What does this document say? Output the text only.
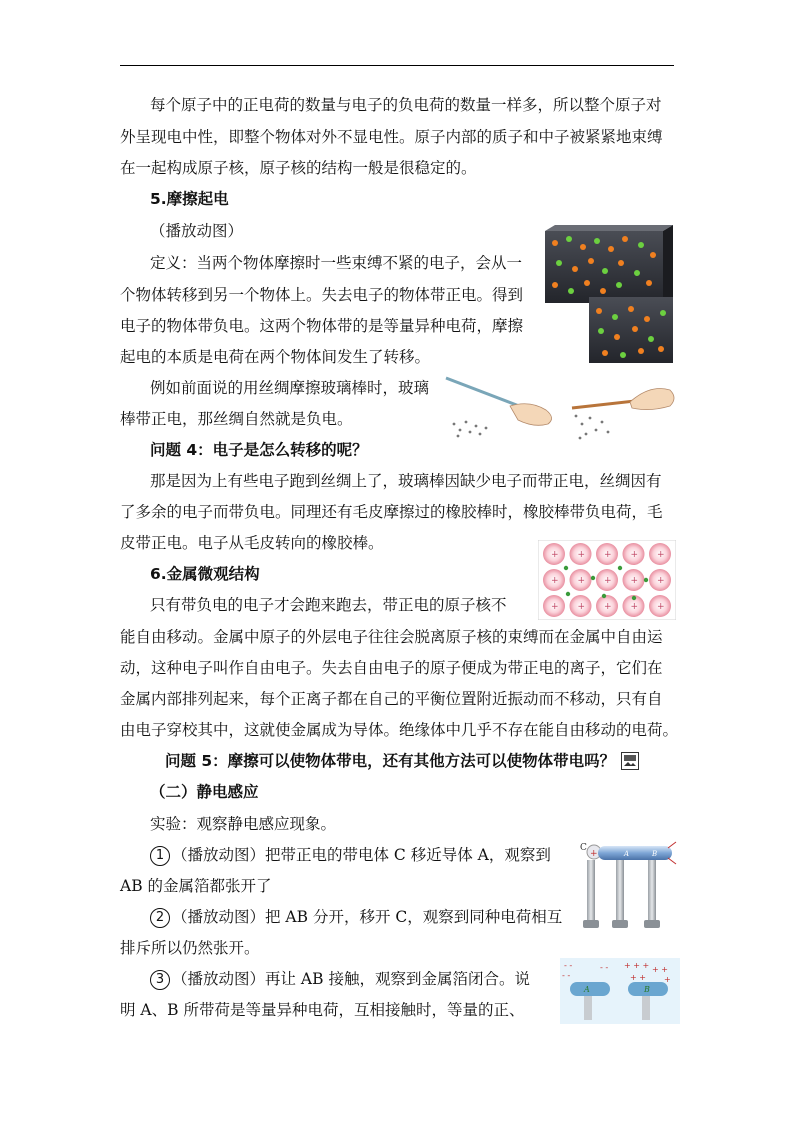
每个原子中的正电荷的数量与电子的负电荷的数量一样多，所以整个原子对
外呈现电中性，即整个物体对外不显电性。原子内部的质子和中子被紧紧地束缚
在一起构成原子核，原子核的结构一般是很稳定的。
5.摩擦起电
（播放动图）
定义：当两个物体摩擦时一些束缚不紧的电子，会从一
个物体转移到另一个物体上。失去电子的物体带正电。得到
电子的物体带负电。这两个物体带的是等量异种电荷，摩擦
起电的本质是电荷在两个物体间发生了转移。
例如前面说的用丝绸摩擦玻璃棒时，玻璃
棒带正电，那丝绸自然就是负电。
问题 4：电子是怎么转移的呢？
那是因为上有些电子跑到丝绸上了，玻璃棒因缺少电子而带正电，丝绸因有
了多余的电子而带负电。同理还有毛皮摩擦过的橡胶棒时，橡胶棒带负电荷，毛
皮带正电。电子从毛皮转向的橡胶棒。
6.金属微观结构
只有带负电的电子才会跑来跑去，带正电的原子核不
能自由移动。金属中原子的外层电子往往会脱离原子核的束缚而在金属中自由运
动，这种电子叫作自由电子。失去自由电子的原子便成为带正电的离子，它们在
金属内部排列起来，每个正离子都在自己的平衡位置附近振动而不移动，只有自
由电子穿校其中，这就使金属成为导体。绝缘体中几乎不存在能自由移动的电荷。
+ + + + +
+ + + + +
+ + + + +
问题 5：摩擦可以使物体带电，还有其他方法可以使物体带电吗？
（二）静电感应
实验：观察静电感应现象。
1 （播放动图）把带正电的带电体 C 移近导体 A，观察到
AB 的金属箔都张开了
2 （播放动图）把 AB 分开，移开 C，观察到同种电荷相互
排斥所以仍然张开。
3 （播放动图）再让 AB 接触，观察到金属箔闭合。说
明 A、B 所带荷是等量异种电荷，互相接触时，等量的正、
C
+	A	B
- -
- -
- - + + + + +
+
+ +
A	B
